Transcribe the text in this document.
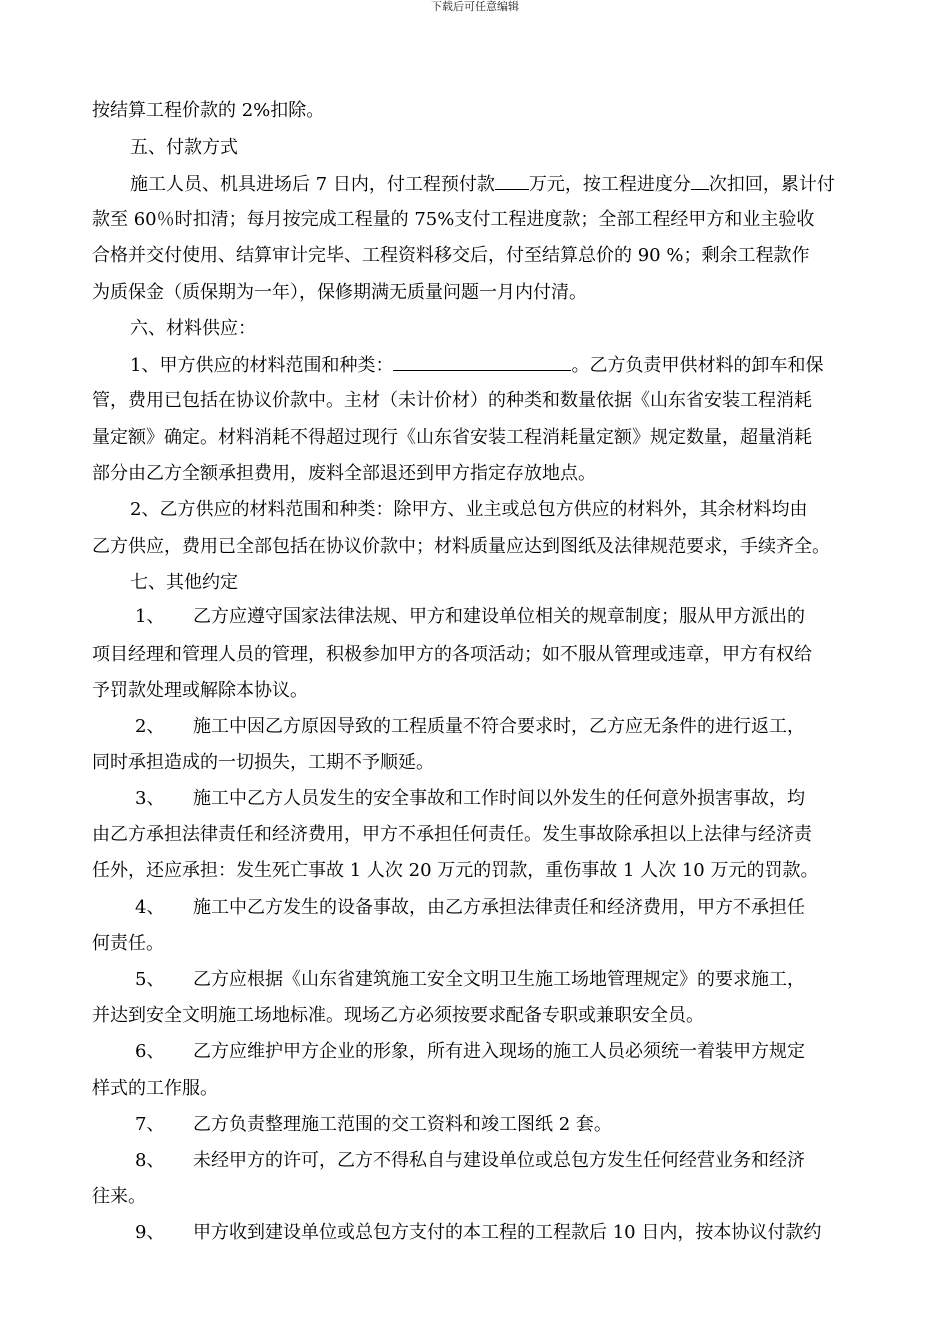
下载后可任意编辑
按结算工程价款的 2%扣除。
五、付款方式
施工人员、机具进场后 7 日内，付工程预付款 万元，按工程进度分 次扣回，累计付
款至 60％时扣清；每月按完成工程量的 75%支付工程进度款；全部工程经甲方和业主验收
合格并交付使用、结算审计完毕、工程资料移交后，付至结算总价的 90 %；剩余工程款作
为质保金（质保期为一年），保修期满无质量问题一月内付清。
六、材料供应：
1、甲方供应的材料范围和种类：	。乙方负责甲供材料的卸车和保
管，费用已包括在协议价款中。主材（未计价材）的种类和数量依据《山东省安装工程消耗
量定额》确定。材料消耗不得超过现行《山东省安装工程消耗量定额》规定数量，超量消耗
部分由乙方全额承担费用，废料全部退还到甲方指定存放地点。
2、乙方供应的材料范围和种类：除甲方、业主或总包方供应的材料外，其余材料均由
乙方供应，费用已全部包括在协议价款中；材料质量应达到图纸及法律规范要求，手续齐全。
七、其他约定
1、 乙方应遵守国家法律法规、甲方和建设单位相关的规章制度；服从甲方派出的
项目经理和管理人员的管理，积极参加甲方的各项活动；如不服从管理或违章，甲方有权给
予罚款处理或解除本协议。
2、 施工中因乙方原因导致的工程质量不符合要求时，乙方应无条件的进行返工，
同时承担造成的一切损失，工期不予顺延。
3、 施工中乙方人员发生的安全事故和工作时间以外发生的任何意外损害事故，均
由乙方承担法律责任和经济费用，甲方不承担任何责任。发生事故除承担以上法律与经济责
任外，还应承担：发生死亡事故 1 人次 20 万元的罚款，重伤事故 1 人次 10 万元的罚款。
4、 施工中乙方发生的设备事故，由乙方承担法律责任和经济费用，甲方不承担任
何责任。
5、 乙方应根据《山东省建筑施工安全文明卫生施工场地管理规定》的要求施工，
并达到安全文明施工场地标准。现场乙方必须按要求配备专职或兼职安全员。
6、 乙方应维护甲方企业的形象，所有进入现场的施工人员必须统一着装甲方规定
样式的工作服。
7、 乙方负责整理施工范围的交工资料和竣工图纸 2 套。
8、 未经甲方的许可，乙方不得私自与建设单位或总包方发生任何经营业务和经济
往来。
9、 甲方收到建设单位或总包方支付的本工程的工程款后 10 日内，按本协议付款约
